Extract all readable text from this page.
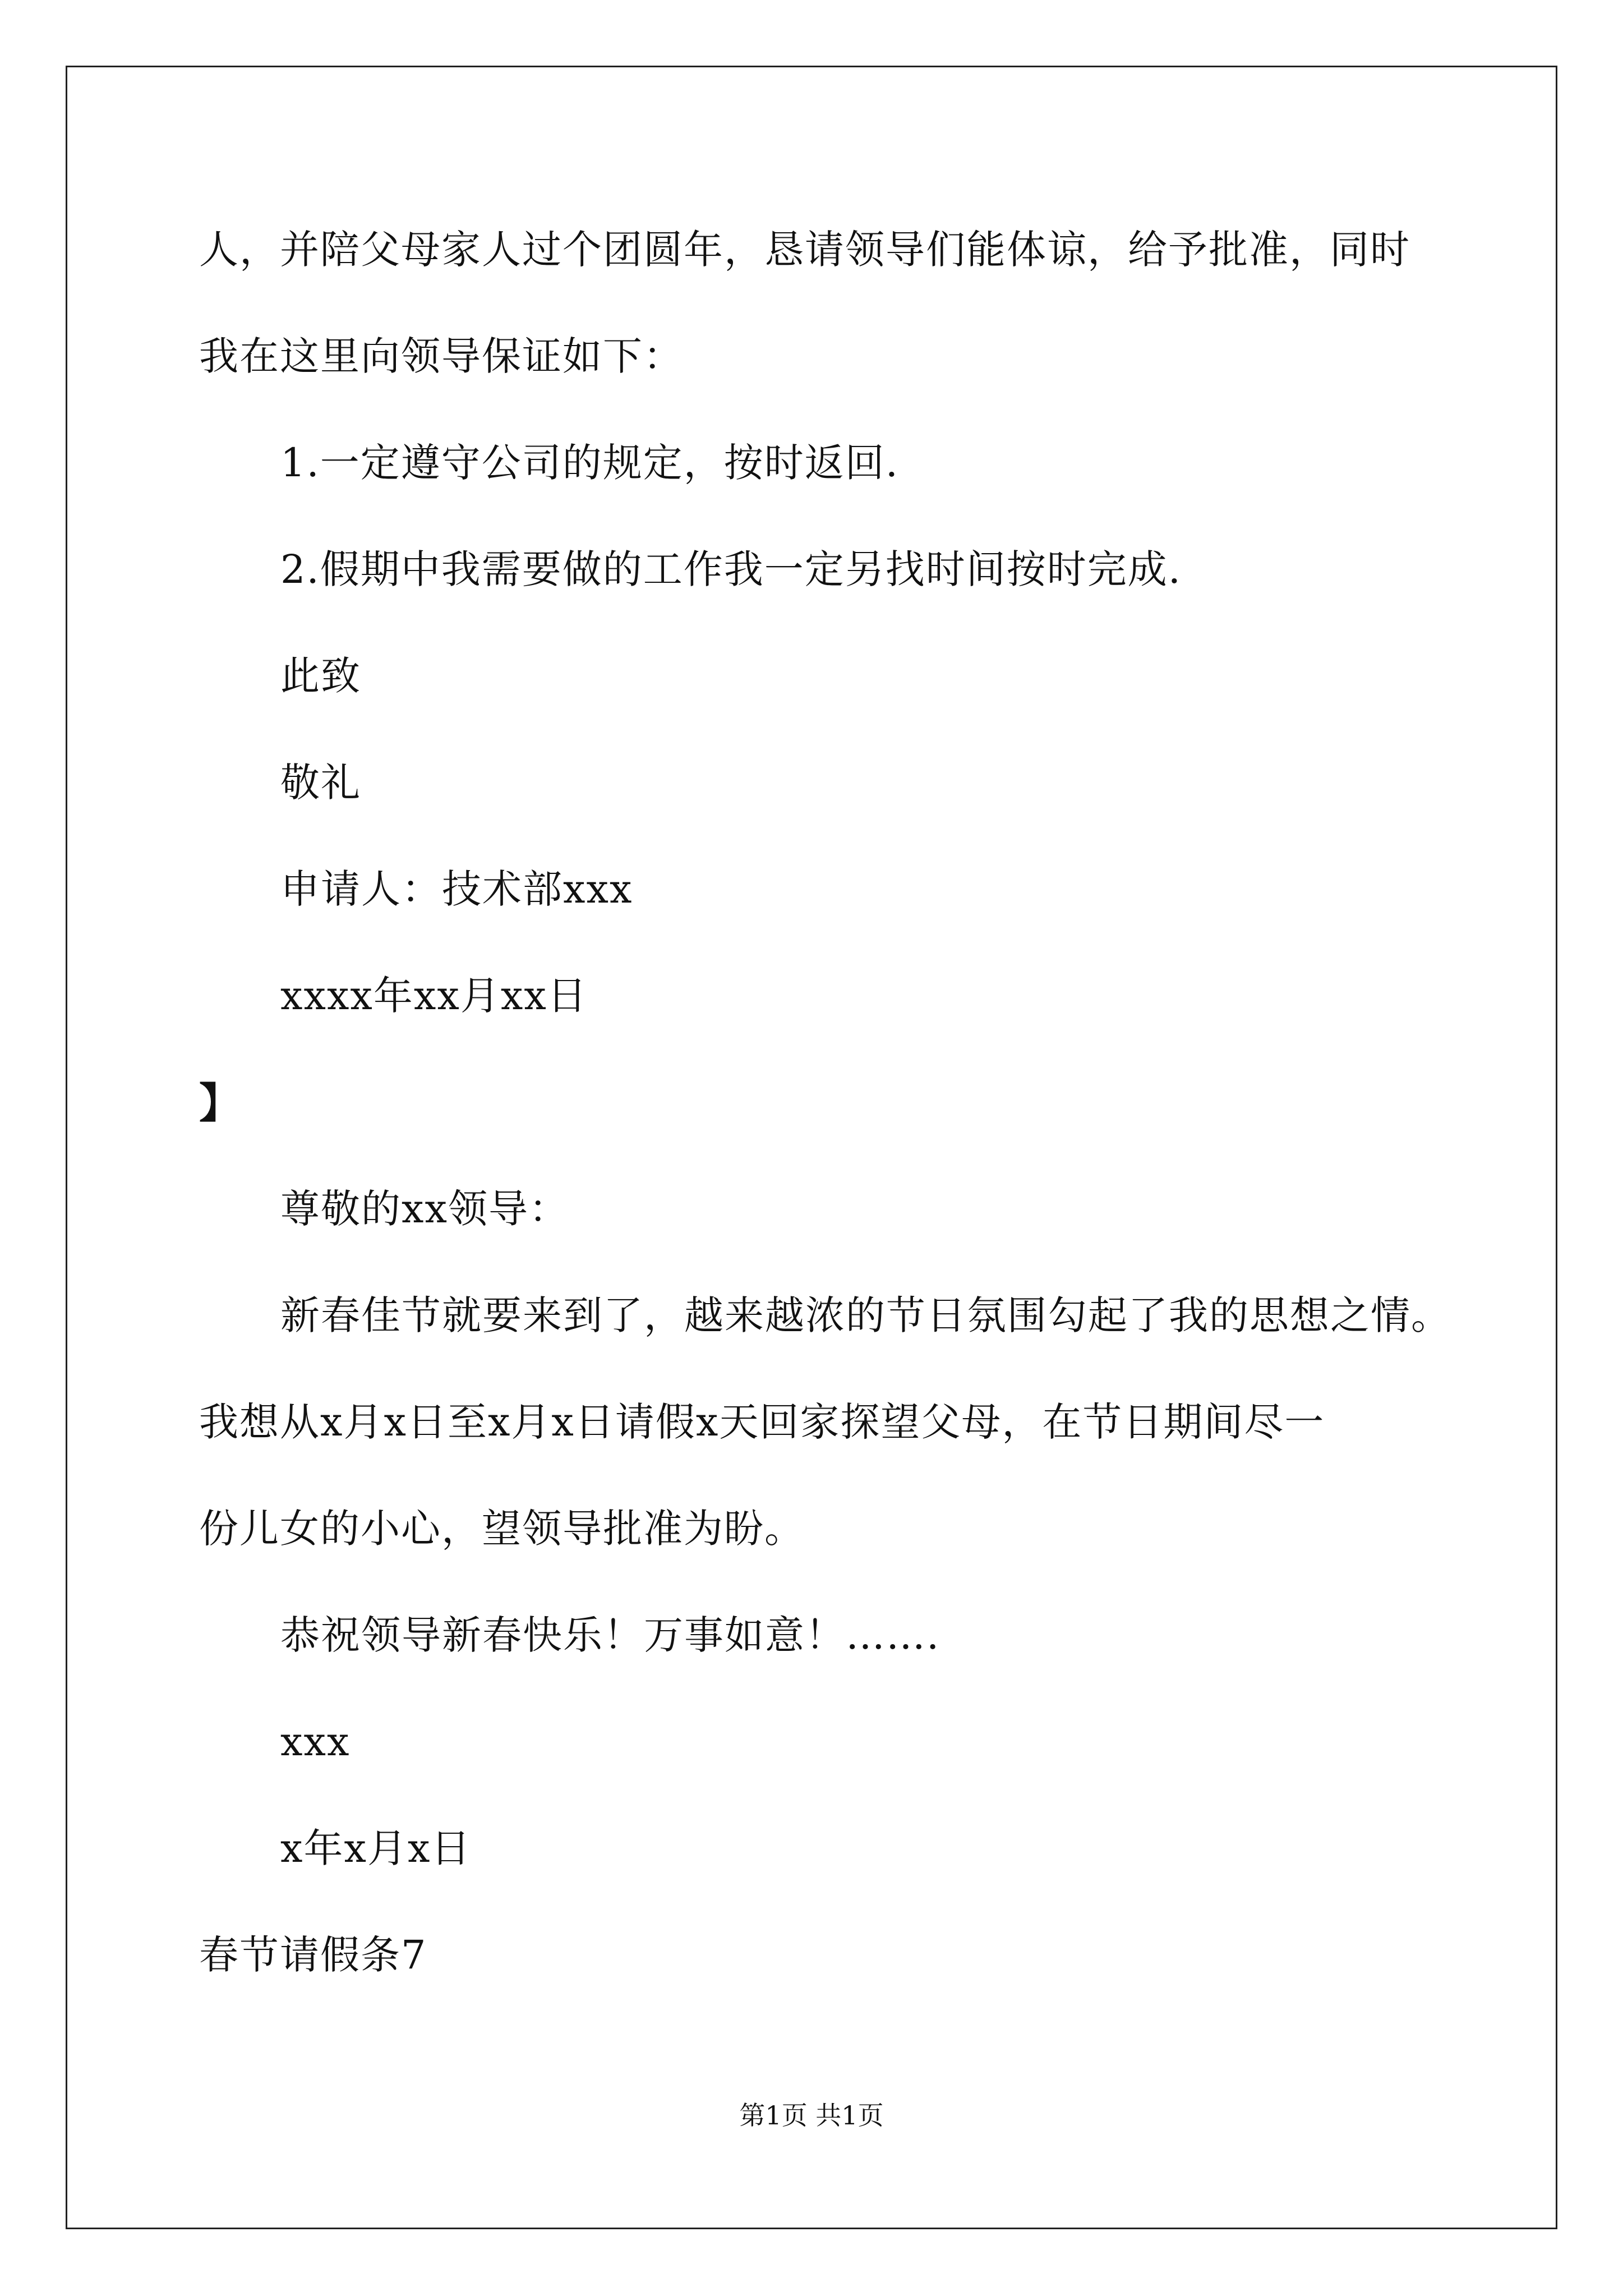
人，并陪父母家人过个团圆年，恳请领导们能体谅，给予批准，同时
我在这里向领导保证如下：
1.一定遵守公司的规定，按时返回.
2.假期中我需要做的工作我一定另找时间按时完成.
此致
敬礼
申请人：技术部xxx
xxxx年xx月xx日
】
尊敬的xx领导：
新春佳节就要来到了，越来越浓的节日氛围勾起了我的思想之情。
我想从x月x日至x月x日请假x天回家探望父母，在节日期间尽一
份儿女的小心，望领导批准为盼。
恭祝领导新春快乐！万事如意！…….
xxx
x年x月x日
春节请假条7
第1页 共1页
